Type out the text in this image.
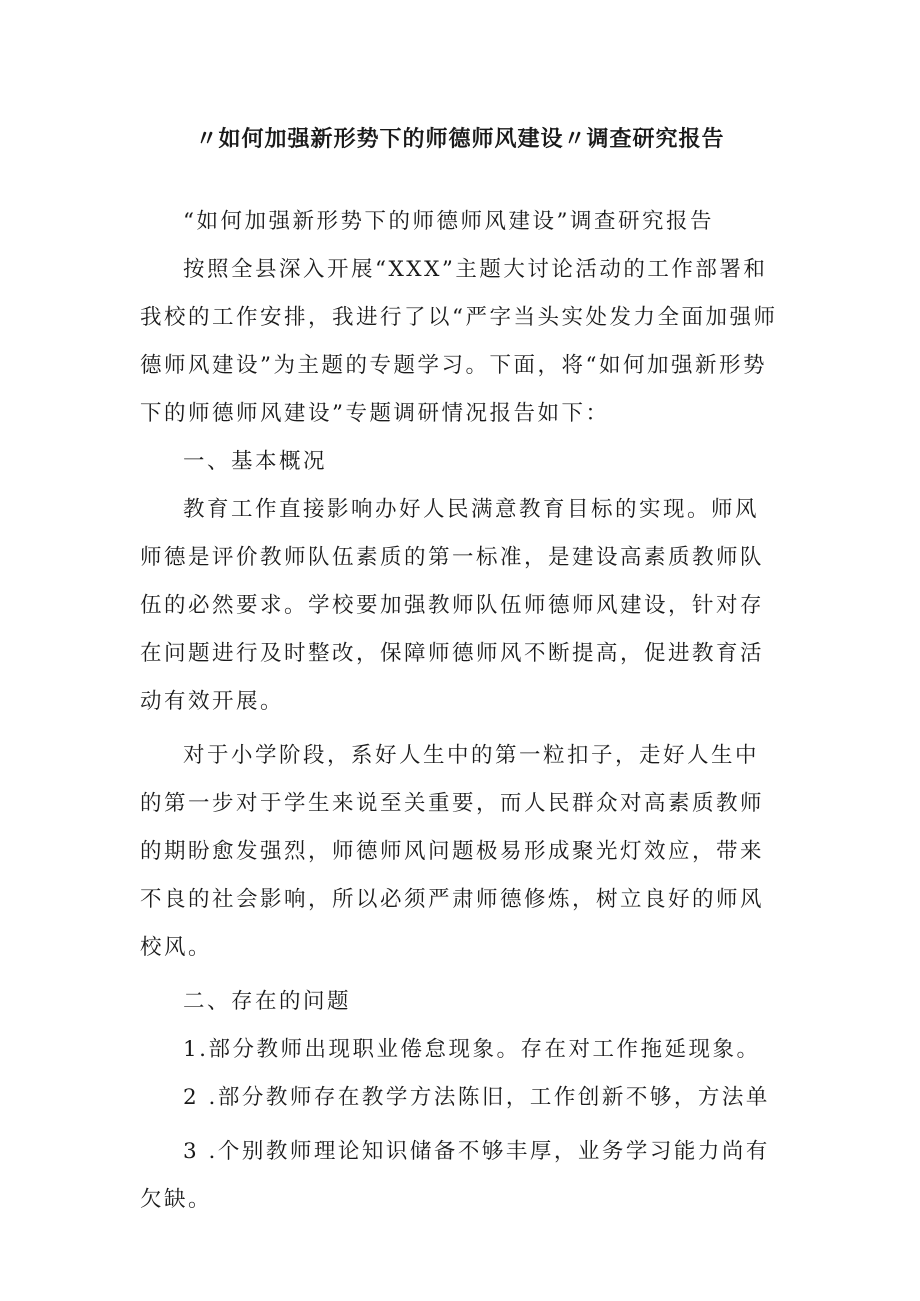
〃如何加强新形势下的师德师风建设〃调查研究报告

“如何加强新形势下的师德师风建设”调查研究报告

按照全县深入开展“XXX”主题大讨论活动的工作部署和我校的工作安排，我进行了以“严字当头实处发力全面加强师德师风建设”为主题的专题学习。下面，将“如何加强新形势下的师德师风建设”专题调研情况报告如下：

一、基本概况

教育工作直接影响办好人民满意教育目标的实现。师风师德是评价教师队伍素质的第一标准，是建设高素质教师队伍的必然要求。学校要加强教师队伍师德师风建设，针对存在问题进行及时整改，保障师德师风不断提高，促进教育活动有效开展。

对于小学阶段，系好人生中的第一粒扣子，走好人生中的第一步对于学生来说至关重要，而人民群众对高素质教师的期盼愈发强烈，师德师风问题极易形成聚光灯效应，带来不良的社会影响，所以必须严肃师德修炼，树立良好的师风校风。

二、存在的问题

1.部分教师出现职业倦怠现象。存在对工作拖延现象。

2 .部分教师存在教学方法陈旧，工作创新不够，方法单

3 .个别教师理论知识储备不够丰厚，业务学习能力尚有欠缺。
